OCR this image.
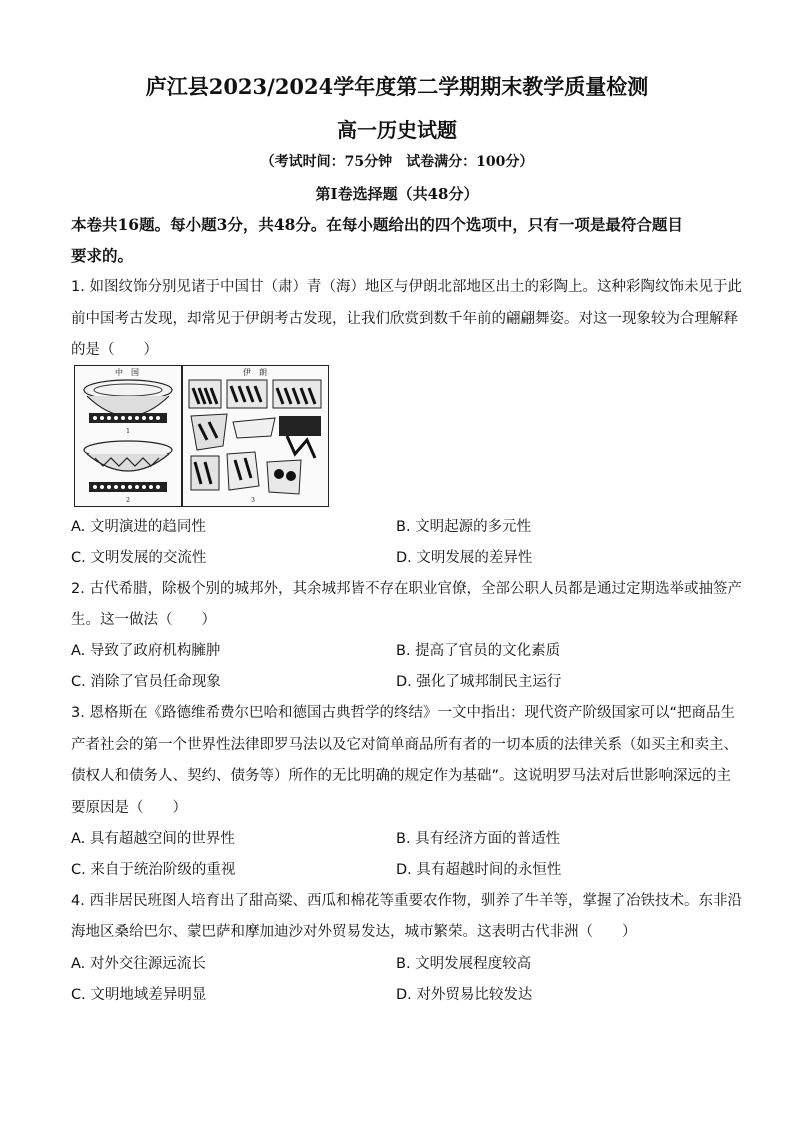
庐江县2023/2024学年度第二学期期末教学质量检测
高一历史试题
（考试时间：75分钟　试卷满分：100分）
第Ⅰ卷选择题（共48分）
本卷共16题。每小题3分，共48分。在每小题给出的四个选项中，只有一项是最符合题目
要求的。
1. 如图纹饰分别见诸于中国甘（肃）青（海）地区与伊朗北部地区出土的彩陶上。这种彩陶纹饰未见于此
前中国考古发现，却常见于伊朗考古发现，让我们欣赏到数千年前的翩翩舞姿。对这一现象较为合理解释
的是（　　）
中　国
1
2
伊　朗
3
A. 文明演进的趋同性	B. 文明起源的多元性
C. 文明发展的交流性	D. 文明发展的差异性
2. 古代希腊，除极个别的城邦外，其余城邦皆不存在职业官僚，全部公职人员都是通过定期选举或抽签产
生。这一做法（　　）
A. 导致了政府机构臃肿	B. 提高了官员的文化素质
C. 消除了官员任命现象	D. 强化了城邦制民主运行
3. 恩格斯在《路德维希费尔巴哈和德国古典哲学的终结》一文中指出：现代资产阶级国家可以“把商品生
产者社会的第一个世界性法律即罗马法以及它对简单商品所有者的一切本质的法律关系（如买主和卖主、
债权人和债务人、契约、债务等）所作的无比明确的规定作为基础”。这说明罗马法对后世影响深远的主
要原因是（　　）
A. 具有超越空间的世界性	B. 具有经济方面的普适性
C. 来自于统治阶级的重视	D. 具有超越时间的永恒性
4. 西非居民班图人培育出了甜高粱、西瓜和棉花等重要农作物，驯养了牛羊等，掌握了冶铁技术。东非沿
海地区桑给巴尔、蒙巴萨和摩加迪沙对外贸易发达，城市繁荣。这表明古代非洲（　　）
A. 对外交往源远流长	B. 文明发展程度较高
C. 文明地域差异明显	D. 对外贸易比较发达
